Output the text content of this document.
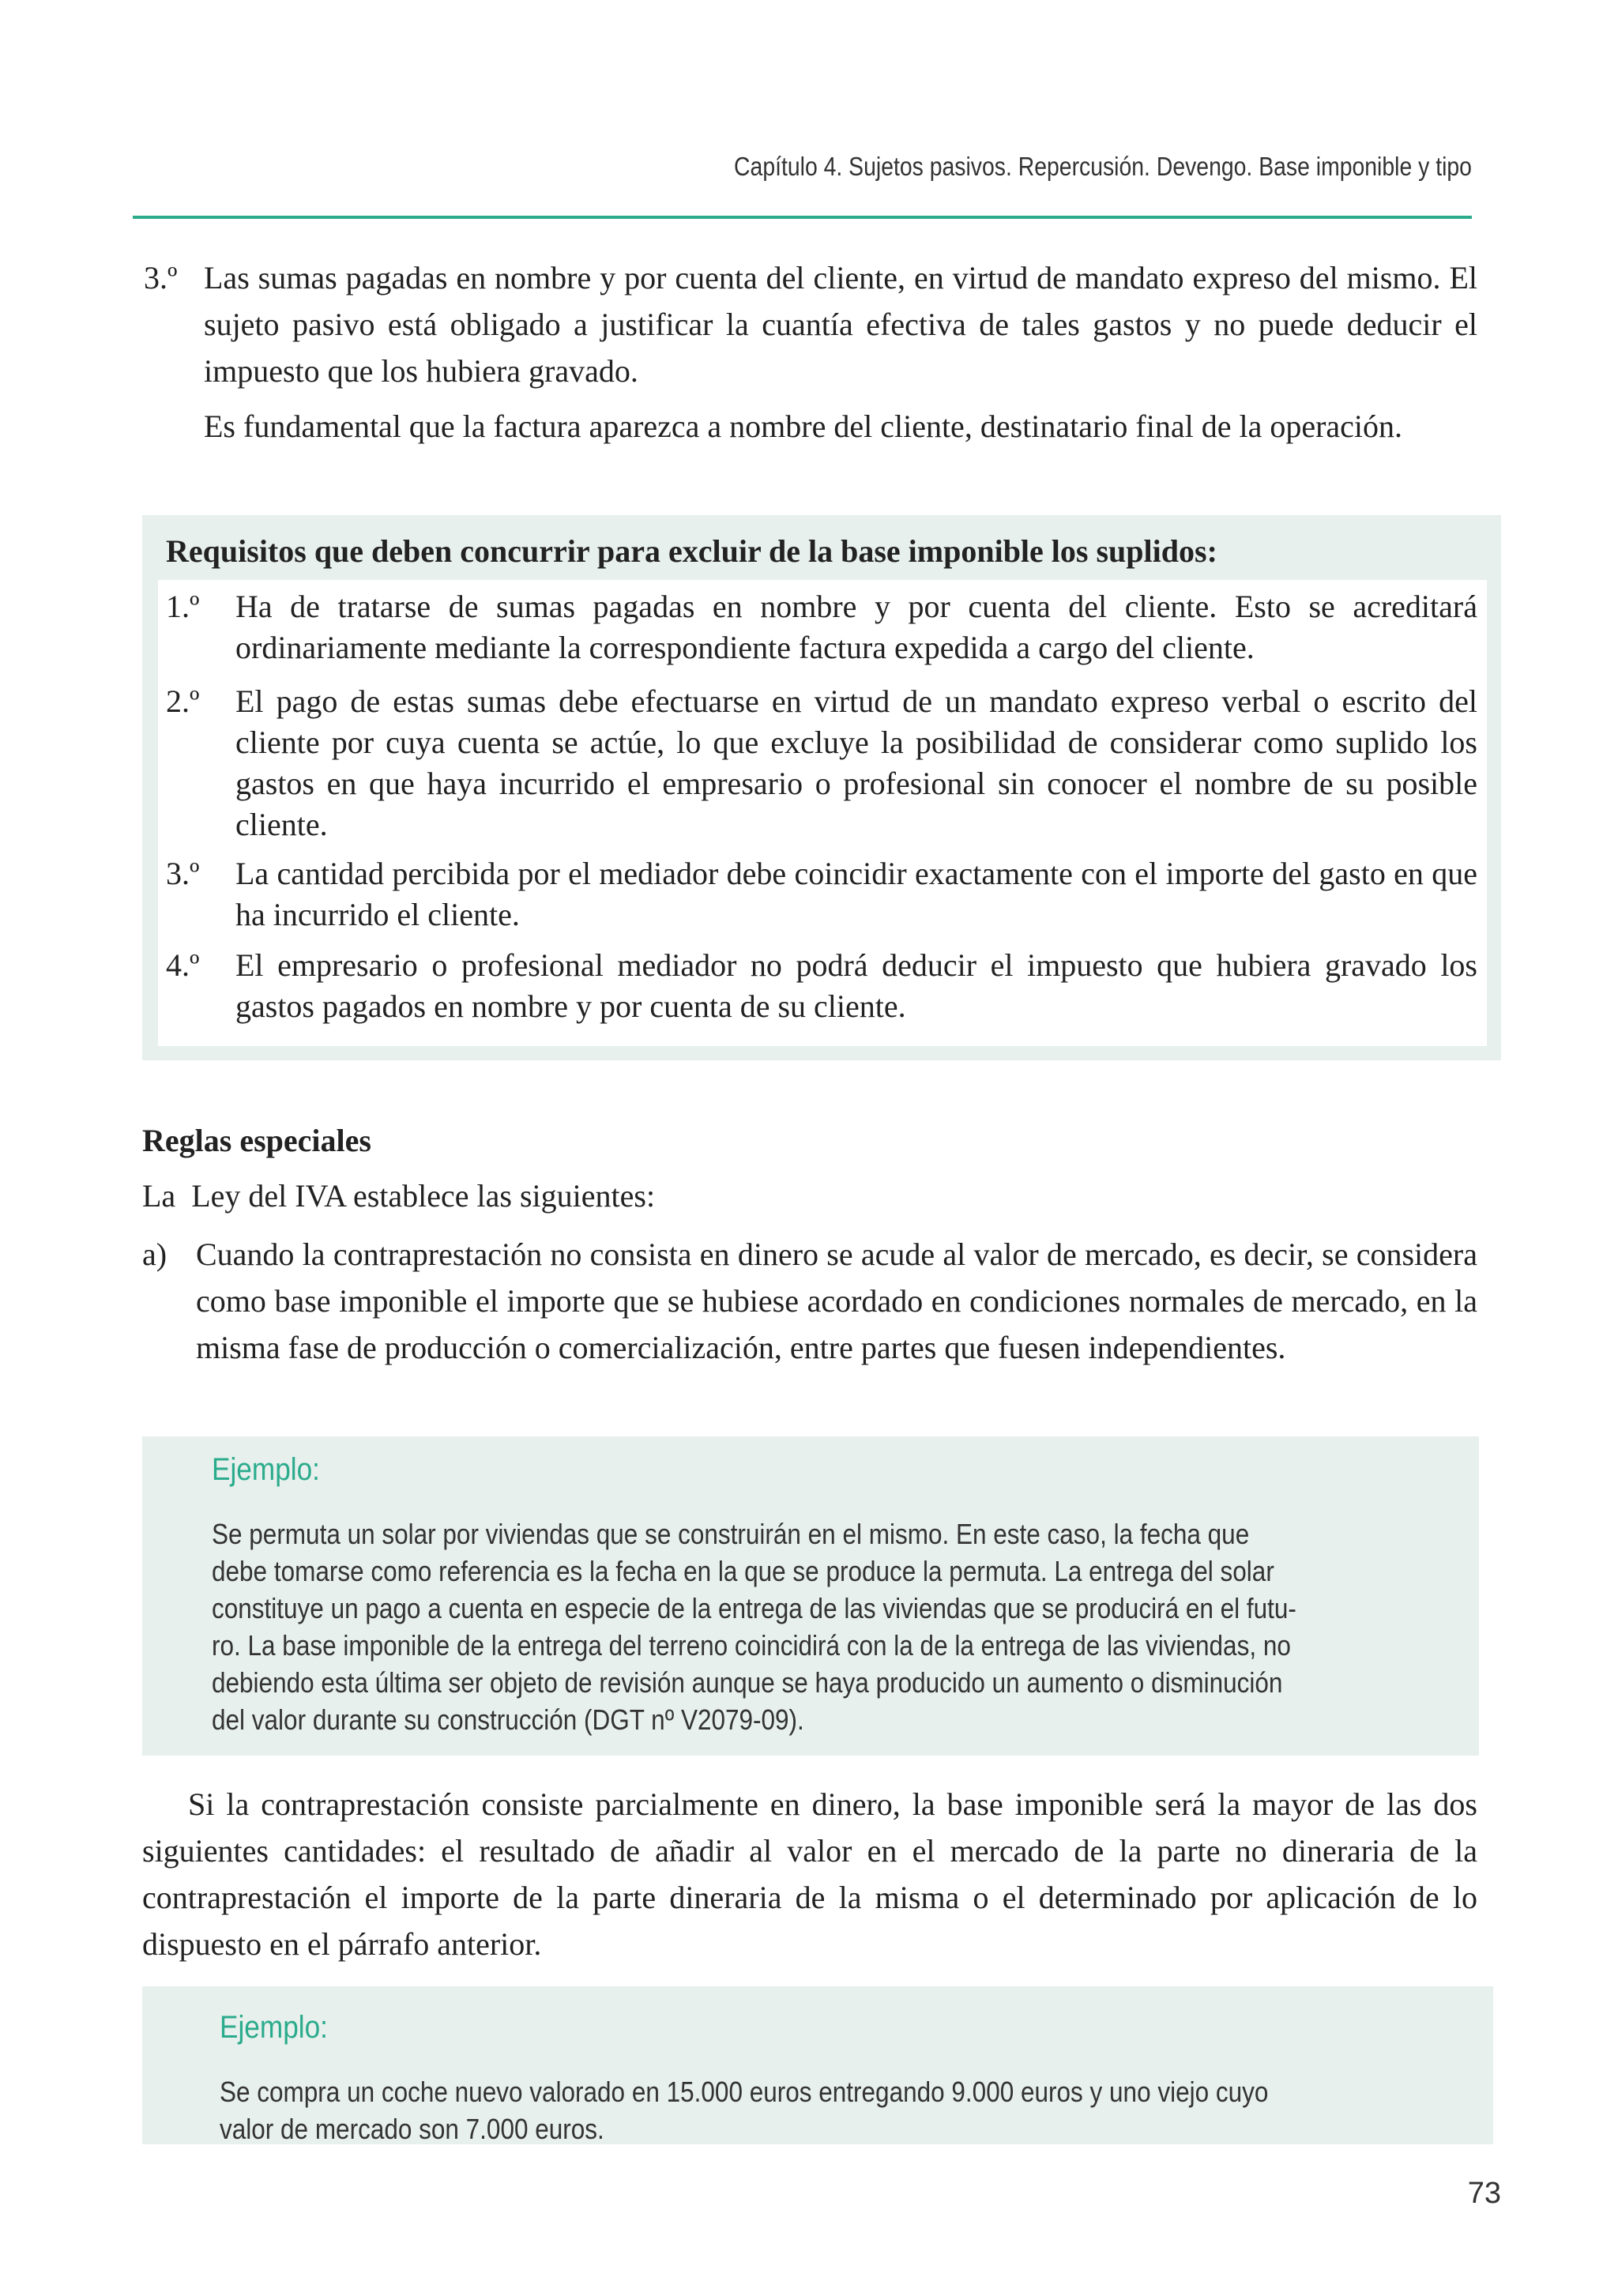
Capítulo 4. Sujetos pasivos. Repercusión. Devengo. Base imponible y tipo
3.º Las sumas pagadas en nombre y por cuenta del cliente, en virtud de mandato expreso del mismo. El sujeto pasivo está obligado a justificar la cuantía efectiva de tales gastos y no puede deducir el impuesto que los hubiera gravado.
Es fundamental que la factura aparezca a nombre del cliente, destinatario final de la operación.
Requisitos que deben concurrir para excluir de la base imponible los suplidos:
1.º Ha de tratarse de sumas pagadas en nombre y por cuenta del cliente. Esto se acreditará ordinariamente mediante la correspondiente factura expedida a cargo del cliente.
2.º El pago de estas sumas debe efectuarse en virtud de un mandato expreso verbal o escrito del cliente por cuya cuenta se actúe, lo que excluye la posibilidad de considerar como suplido los gastos en que haya incurrido el empresario o profesional sin conocer el nombre de su posible cliente.
3.º La cantidad percibida por el mediador debe coincidir exactamente con el importe del gasto en que ha incurrido el cliente.
4.º El empresario o profesional mediador no podrá deducir el impuesto que hubiera gravado los gastos pagados en nombre y por cuenta de su cliente.
Reglas especiales
La  Ley del IVA establece las siguientes:
a) Cuando la contraprestación no consista en dinero se acude al valor de mercado, es decir, se considera como base imponible el importe que se hubiese acordado en condiciones normales de mercado, en la misma fase de producción o comercialización, entre partes que fuesen independientes.
Ejemplo:
Se permuta un solar por viviendas que se construirán en el mismo. En este caso, la fecha que
debe tomarse como referencia es la fecha en la que se produce la permuta. La entrega del solar
constituye un pago a cuenta en especie de la entrega de las viviendas que se producirá en el futu-
ro. La base imponible de la entrega del terreno coincidirá con la de la entrega de las viviendas, no
debiendo esta última ser objeto de revisión aunque se haya producido un aumento o disminución
del valor durante su construcción (DGT nº V2079-09).
Si la contraprestación consiste parcialmente en dinero, la base imponible será la mayor de las dos siguientes cantidades: el resultado de añadir al valor en el mercado de la parte no dineraria de la contraprestación el importe de la parte dineraria de la misma o el determinado por aplicación de lo dispuesto en el párrafo anterior.
Ejemplo:
Se compra un coche nuevo valorado en 15.000 euros entregando 9.000 euros y uno viejo cuyo
valor de mercado son 7.000 euros.
73
